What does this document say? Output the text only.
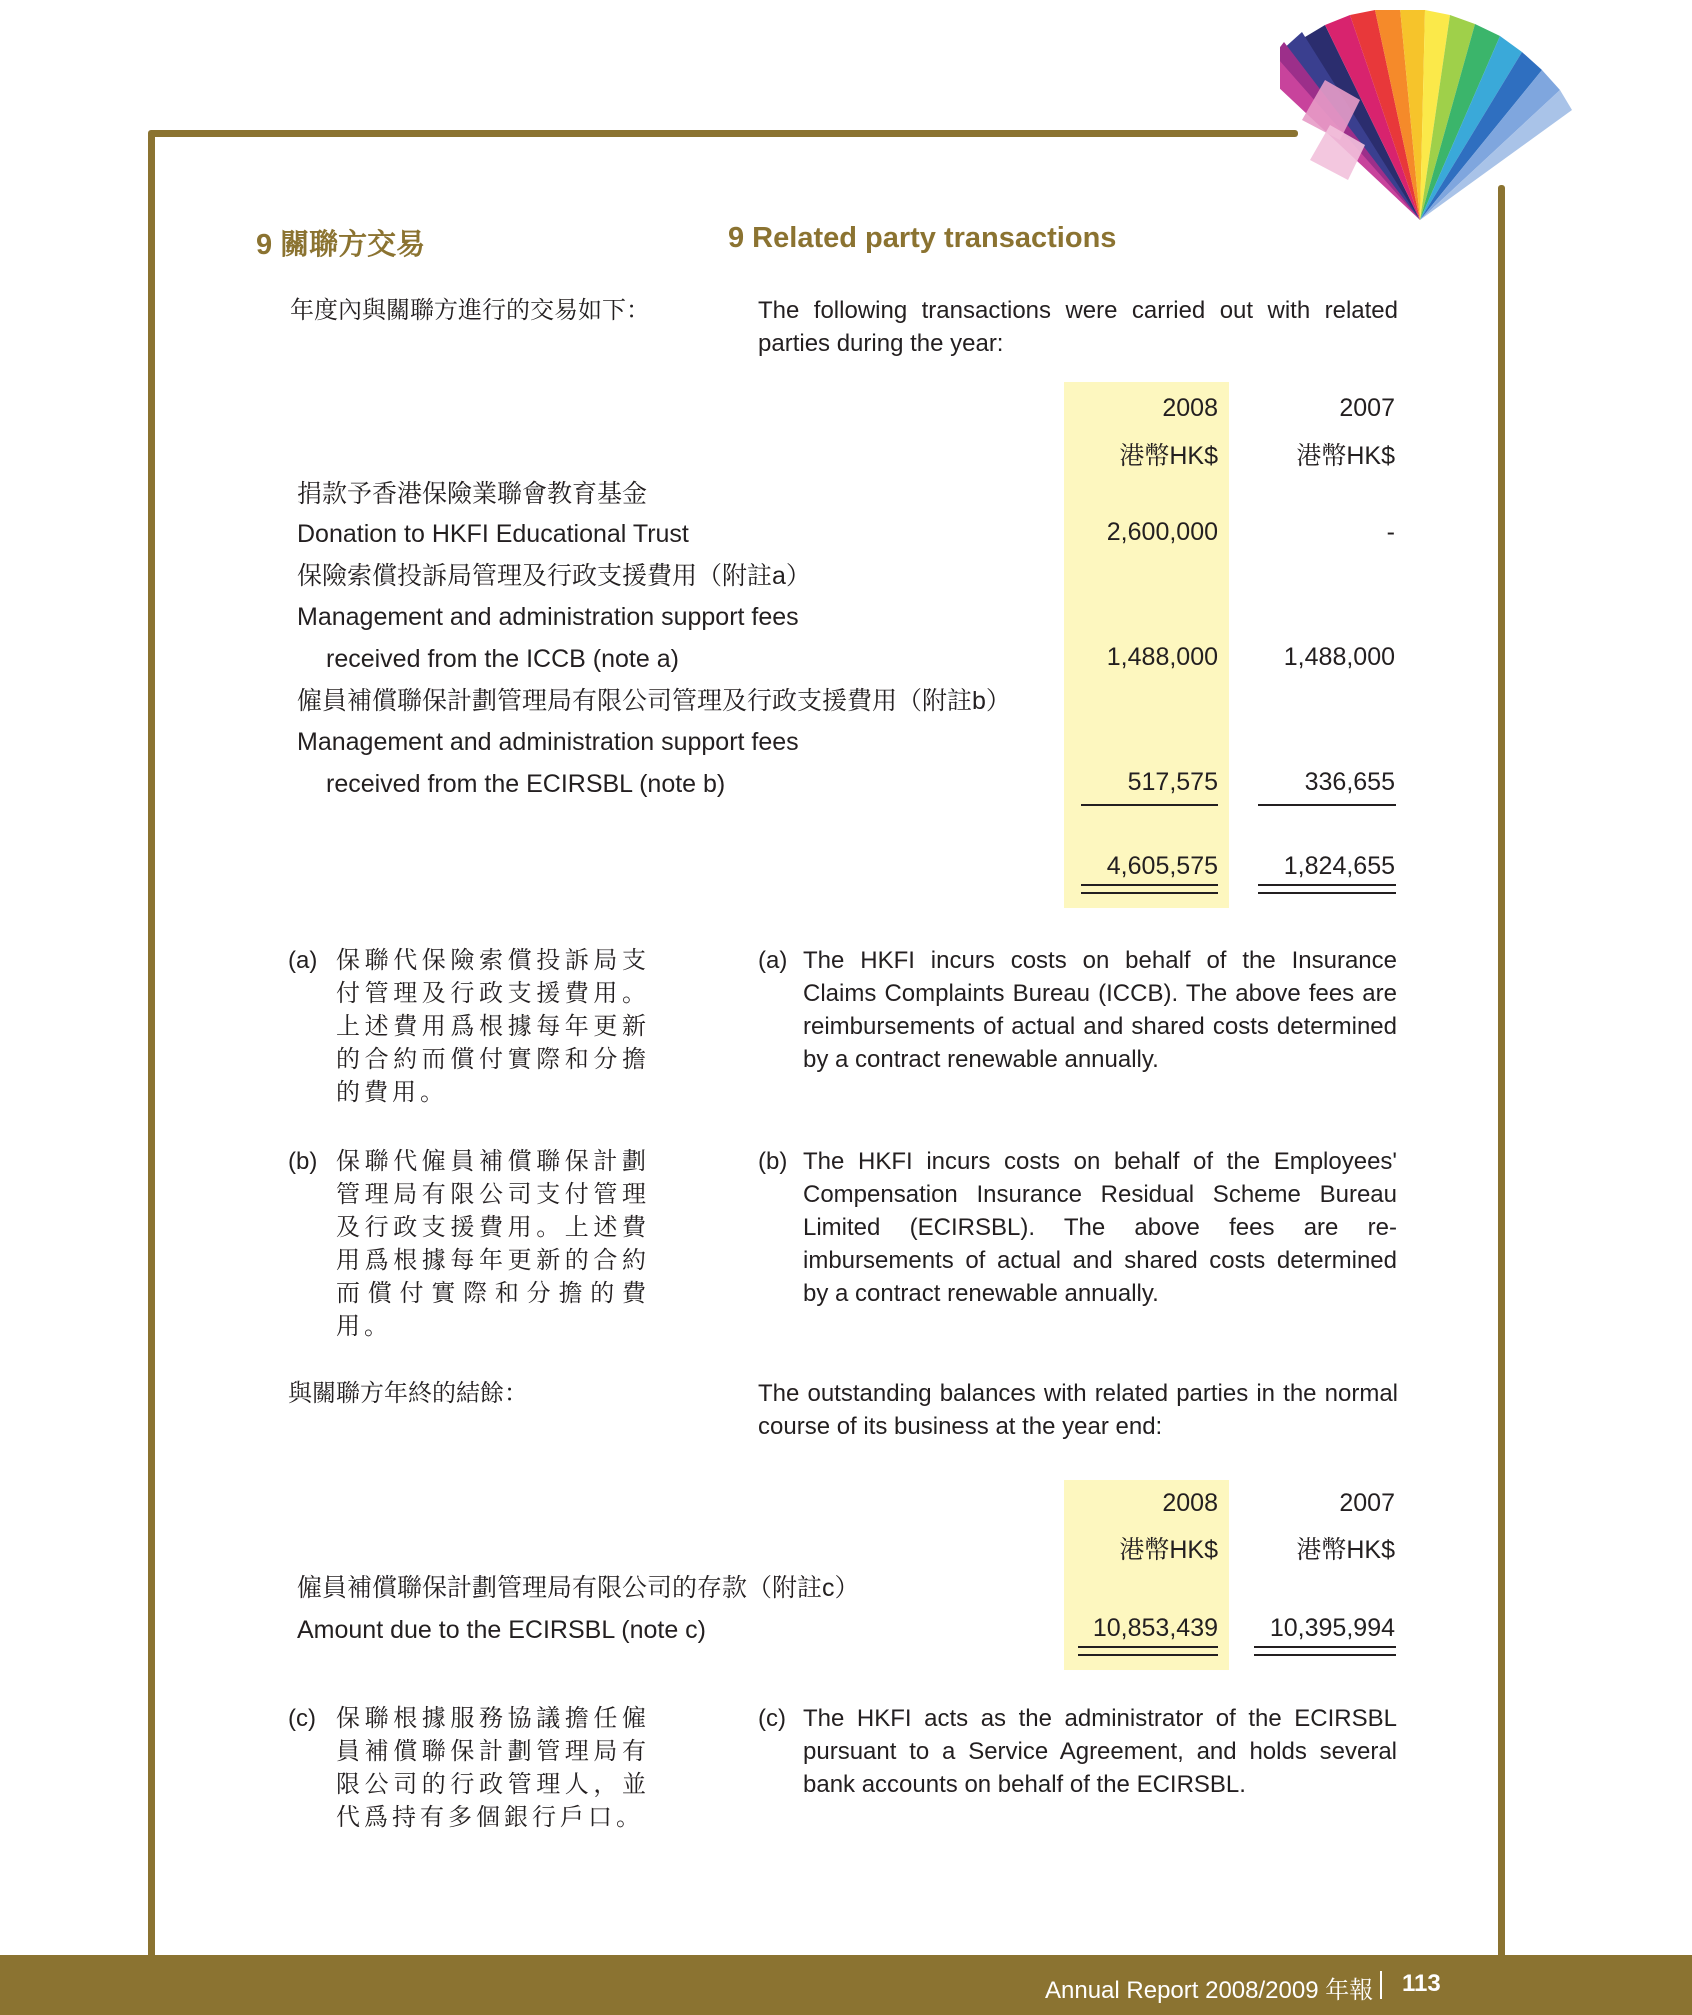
9 關聯方交易	9 Related party transactions
年度內與關聯方進行的交易如下：	The following transactions were carried out with related parties during the year:
2008	2007
港幣HK$	港幣HK$
捐款予香港保險業聯會教育基金
Donation to HKFI Educational Trust	2,600,000	-
保險索償投訴局管理及行政支援費用（附註a）
Management and administration support fees
received from the ICCB (note a)	1,488,000	1,488,000
僱員補償聯保計劃管理局有限公司管理及行政支援費用（附註b）
Management and administration support fees
received from the ECIRSBL (note b)	517,575	336,655
4,605,575	1,824,655
(a) 保聯代保險索償投訴局支付管理及行政支援費用。上述費用爲根據每年更新的合約而償付實際和分擔的費用。
(a) The HKFI incurs costs on behalf of the Insurance Claims Complaints Bureau (ICCB). The above fees are reimbursements of actual and shared costs determined by a contract renewable annually.
(b) 保聯代僱員補償聯保計劃管理局有限公司支付管理及行政支援費用。上述費用爲根據每年更新的合約而償付實際和分擔的費用。
(b) The HKFI incurs costs on behalf of the Employees' Compensation Insurance Residual Scheme Bureau Limited (ECIRSBL). The above fees are re-imbursements of actual and shared costs determined by a contract renewable annually.
與關聯方年終的結餘：	The outstanding balances with related parties in the normal course of its business at the year end:
2008	2007
港幣HK$	港幣HK$
僱員補償聯保計劃管理局有限公司的存款（附註c）
Amount due to the ECIRSBL (note c)	10,853,439	10,395,994
(c) 保聯根據服務協議擔任僱員補償聯保計劃管理局有限公司的行政管理人，並代爲持有多個銀行戶口。
(c) The HKFI acts as the administrator of the ECIRSBL pursuant to a Service Agreement, and holds several bank accounts on behalf of the ECIRSBL.
Annual Report 2008/2009 年報 113
